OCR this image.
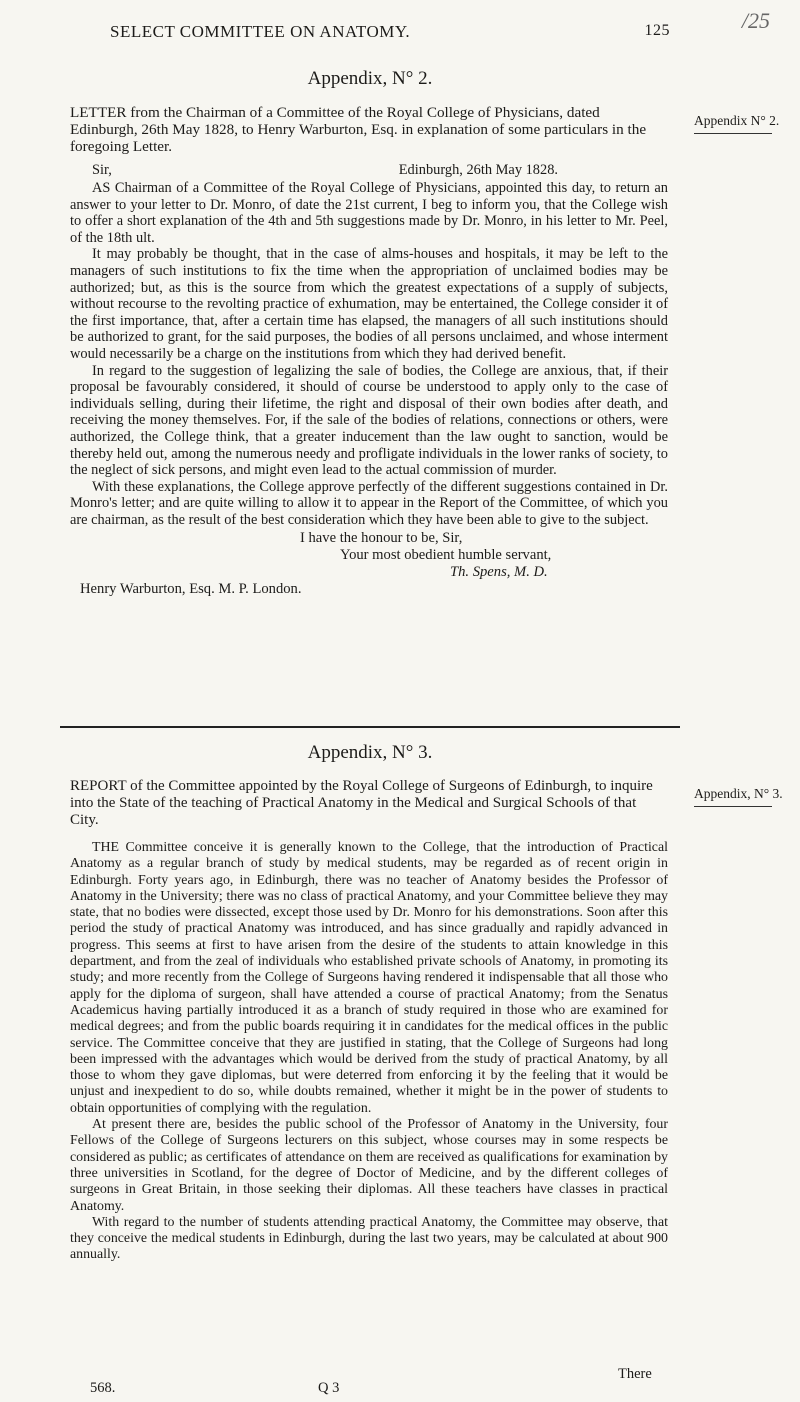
SELECT COMMITTEE ON ANATOMY.	125	/25
Appendix, N° 2.
Appendix N° 2.
LETTER from the Chairman of a Committee of the Royal College of Physicians, dated Edinburgh, 26th May 1828, to Henry Warburton, Esq. in explanation of some particulars in the foregoing Letter.
Sir,	Edinburgh, 26th May 1828.

AS Chairman of a Committee of the Royal College of Physicians, appointed this day, to return an answer to your letter to Dr. Monro, of date the 21st current, I beg to inform you, that the College wish to offer a short explanation of the 4th and 5th suggestions made by Dr. Monro, in his letter to Mr. Peel, of the 18th ult.

It may probably be thought, that in the case of alms-houses and hospitals, it may be left to the managers of such institutions to fix the time when the appropriation of unclaimed bodies may be authorized; but, as this is the source from which the greatest expectations of a supply of subjects, without recourse to the revolting practice of exhumation, may be entertained, the College consider it of the first importance, that, after a certain time has elapsed, the managers of all such institutions should be authorized to grant, for the said purposes, the bodies of all persons unclaimed, and whose interment would necessarily be a charge on the institutions from which they had derived benefit.

In regard to the suggestion of legalizing the sale of bodies, the College are anxious, that, if their proposal be favourably considered, it should of course be understood to apply only to the case of individuals selling, during their lifetime, the right and disposal of their own bodies after death, and receiving the money themselves. For, if the sale of the bodies of relations, connections or others, were authorized, the College think, that a greater inducement than the law ought to sanction, would be thereby held out, among the numerous needy and profligate individuals in the lower ranks of society, to the neglect of sick persons, and might even lead to the actual commission of murder.

With these explanations, the College approve perfectly of the different suggestions contained in Dr. Monro's letter; and are quite willing to allow it to appear in the Report of the Committee, of which you are chairman, as the result of the best consideration which they have been able to give to the subject.

I have the honour to be, Sir,
Your most obedient humble servant,
Th. Spens, M. D.
Henry Warburton, Esq. M. P. London.
Appendix, N° 3.
Appendix, N° 3.
REPORT of the Committee appointed by the Royal College of Surgeons of Edinburgh, to inquire into the State of the teaching of Practical Anatomy in the Medical and Surgical Schools of that City.

THE Committee conceive it is generally known to the College, that the introduction of Practical Anatomy as a regular branch of study by medical students, may be regarded as of recent origin in Edinburgh. Forty years ago, in Edinburgh, there was no teacher of Anatomy besides the Professor of Anatomy in the University; there was no class of practical Anatomy, and your Committee believe they may state, that no bodies were dissected, except those used by Dr. Monro for his demonstrations. Soon after this period the study of practical Anatomy was introduced, and has since gradually and rapidly advanced in progress. This seems at first to have arisen from the desire of the students to attain knowledge in this department, and from the zeal of individuals who established private schools of Anatomy, in promoting its study; and more recently from the College of Surgeons having rendered it indispensable that all those who apply for the diploma of surgeon, shall have attended a course of practical Anatomy; from the Senatus Academicus having partially introduced it as a branch of study required in those who are examined for medical degrees; and from the public boards requiring it in candidates for the medical offices in the public service. The Committee conceive that they are justified in stating, that the College of Surgeons had long been impressed with the advantages which would be derived from the study of practical Anatomy, by all those to whom they gave diplomas, but were deterred from enforcing it by the feeling that it would be unjust and inexpedient to do so, while doubts remained, whether it might be in the power of students to obtain opportunities of complying with the regulation.

At present there are, besides the public school of the Professor of Anatomy in the University, four Fellows of the College of Surgeons lecturers on this subject, whose courses may in some respects be considered as public; as certificates of attendance on them are received as qualifications for examination by three universities in Scotland, for the degree of Doctor of Medicine, and by the different colleges of surgeons in Great Britain, in those seeking their diplomas. All these teachers have classes in practical Anatomy.

With regard to the number of students attending practical Anatomy, the Committee may observe, that they conceive the medical students in Edinburgh, during the last two years, may be calculated at about 900 annually.

568.	Q 3
There
